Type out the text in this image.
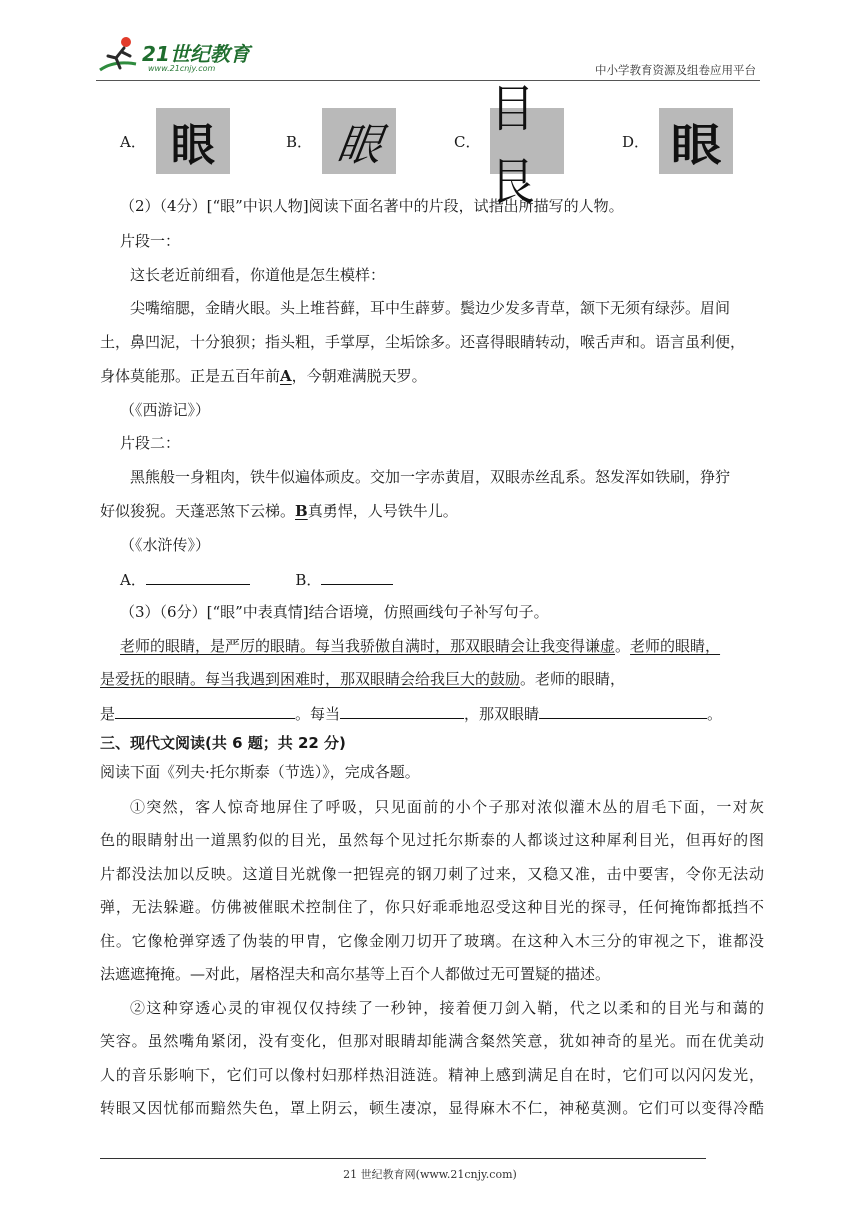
21世纪教育
www.21cnjy.com	中小学教育资源及组卷应用平台
A． 眼	B． 眼	C．
目艮
D． 眼
（2）（4分）[“眼”中识人物]阅读下面名著中的片段，试指出所描写的人物。
片段一：
这长老近前细看，你道他是怎生模样：
尖嘴缩腮，金睛火眼。头上堆苔藓，耳中生薜萝。鬓边少发多青草，颔下无须有绿莎。眉间
土，鼻凹泥，十分狼狈；指头粗，手掌厚，尘垢馀多。还喜得眼睛转动，喉舌声和。语言虽利便，
身体莫能那。正是五百年前A，今朝难满脱天罗。
（《西游记》）
片段二：
黑熊般一身粗肉，铁牛似遍体顽皮。交加一字赤黄眉，双眼赤丝乱系。怒发浑如铁刷，狰狞
好似狻猊。天蓬恶煞下云梯。B真勇悍，人号铁牛儿。
（《水浒传》）
A．	B．
（3）（6分）[“眼”中表真情]结合语境，仿照画线句子补写句子。
老师的眼睛，是严厉的眼睛。每当我骄傲自满时，那双眼睛会让我变得谦虚。老师的眼睛，
是爱抚的眼睛。每当我遇到困难时，那双眼睛会给我巨大的鼓励。老师的眼睛，
是	。每当	，那双眼睛	。
三、现代文阅读(共 6 题；共 22 分)
阅读下面《列夫·托尔斯泰（节选）》，完成各题。
①突然，客人惊奇地屏住了呼吸，只见面前的小个子那对浓似灌木丛的眉毛下面，一对灰
色的眼睛射出一道黑豹似的目光，虽然每个见过托尔斯泰的人都谈过这种犀利目光，但再好的图
片都没法加以反映。这道目光就像一把锃亮的钢刀刺了过来，又稳又准，击中要害，令你无法动
弹，无法躲避。仿佛被催眠术控制住了，你只好乖乖地忍受这种目光的探寻，任何掩饰都抵挡不
住。它像枪弹穿透了伪装的甲胄，它像金刚刀切开了玻璃。在这种入木三分的审视之下，谁都没
法遮遮掩掩。—对此，屠格涅夫和高尔基等上百个人都做过无可置疑的描述。
②这种穿透心灵的审视仅仅持续了一秒钟，接着便刀剑入鞘，代之以柔和的目光与和蔼的
笑容。虽然嘴角紧闭，没有变化，但那对眼睛却能满含粲然笑意，犹如神奇的星光。而在优美动
人的音乐影响下，它们可以像村妇那样热泪涟涟。精神上感到满足自在时，它们可以闪闪发光，
转眼又因忧郁而黯然失色，罩上阴云，顿生凄凉，显得麻木不仁，神秘莫测。它们可以变得冷酷
21 世纪教育网(www.21cnjy.com)
